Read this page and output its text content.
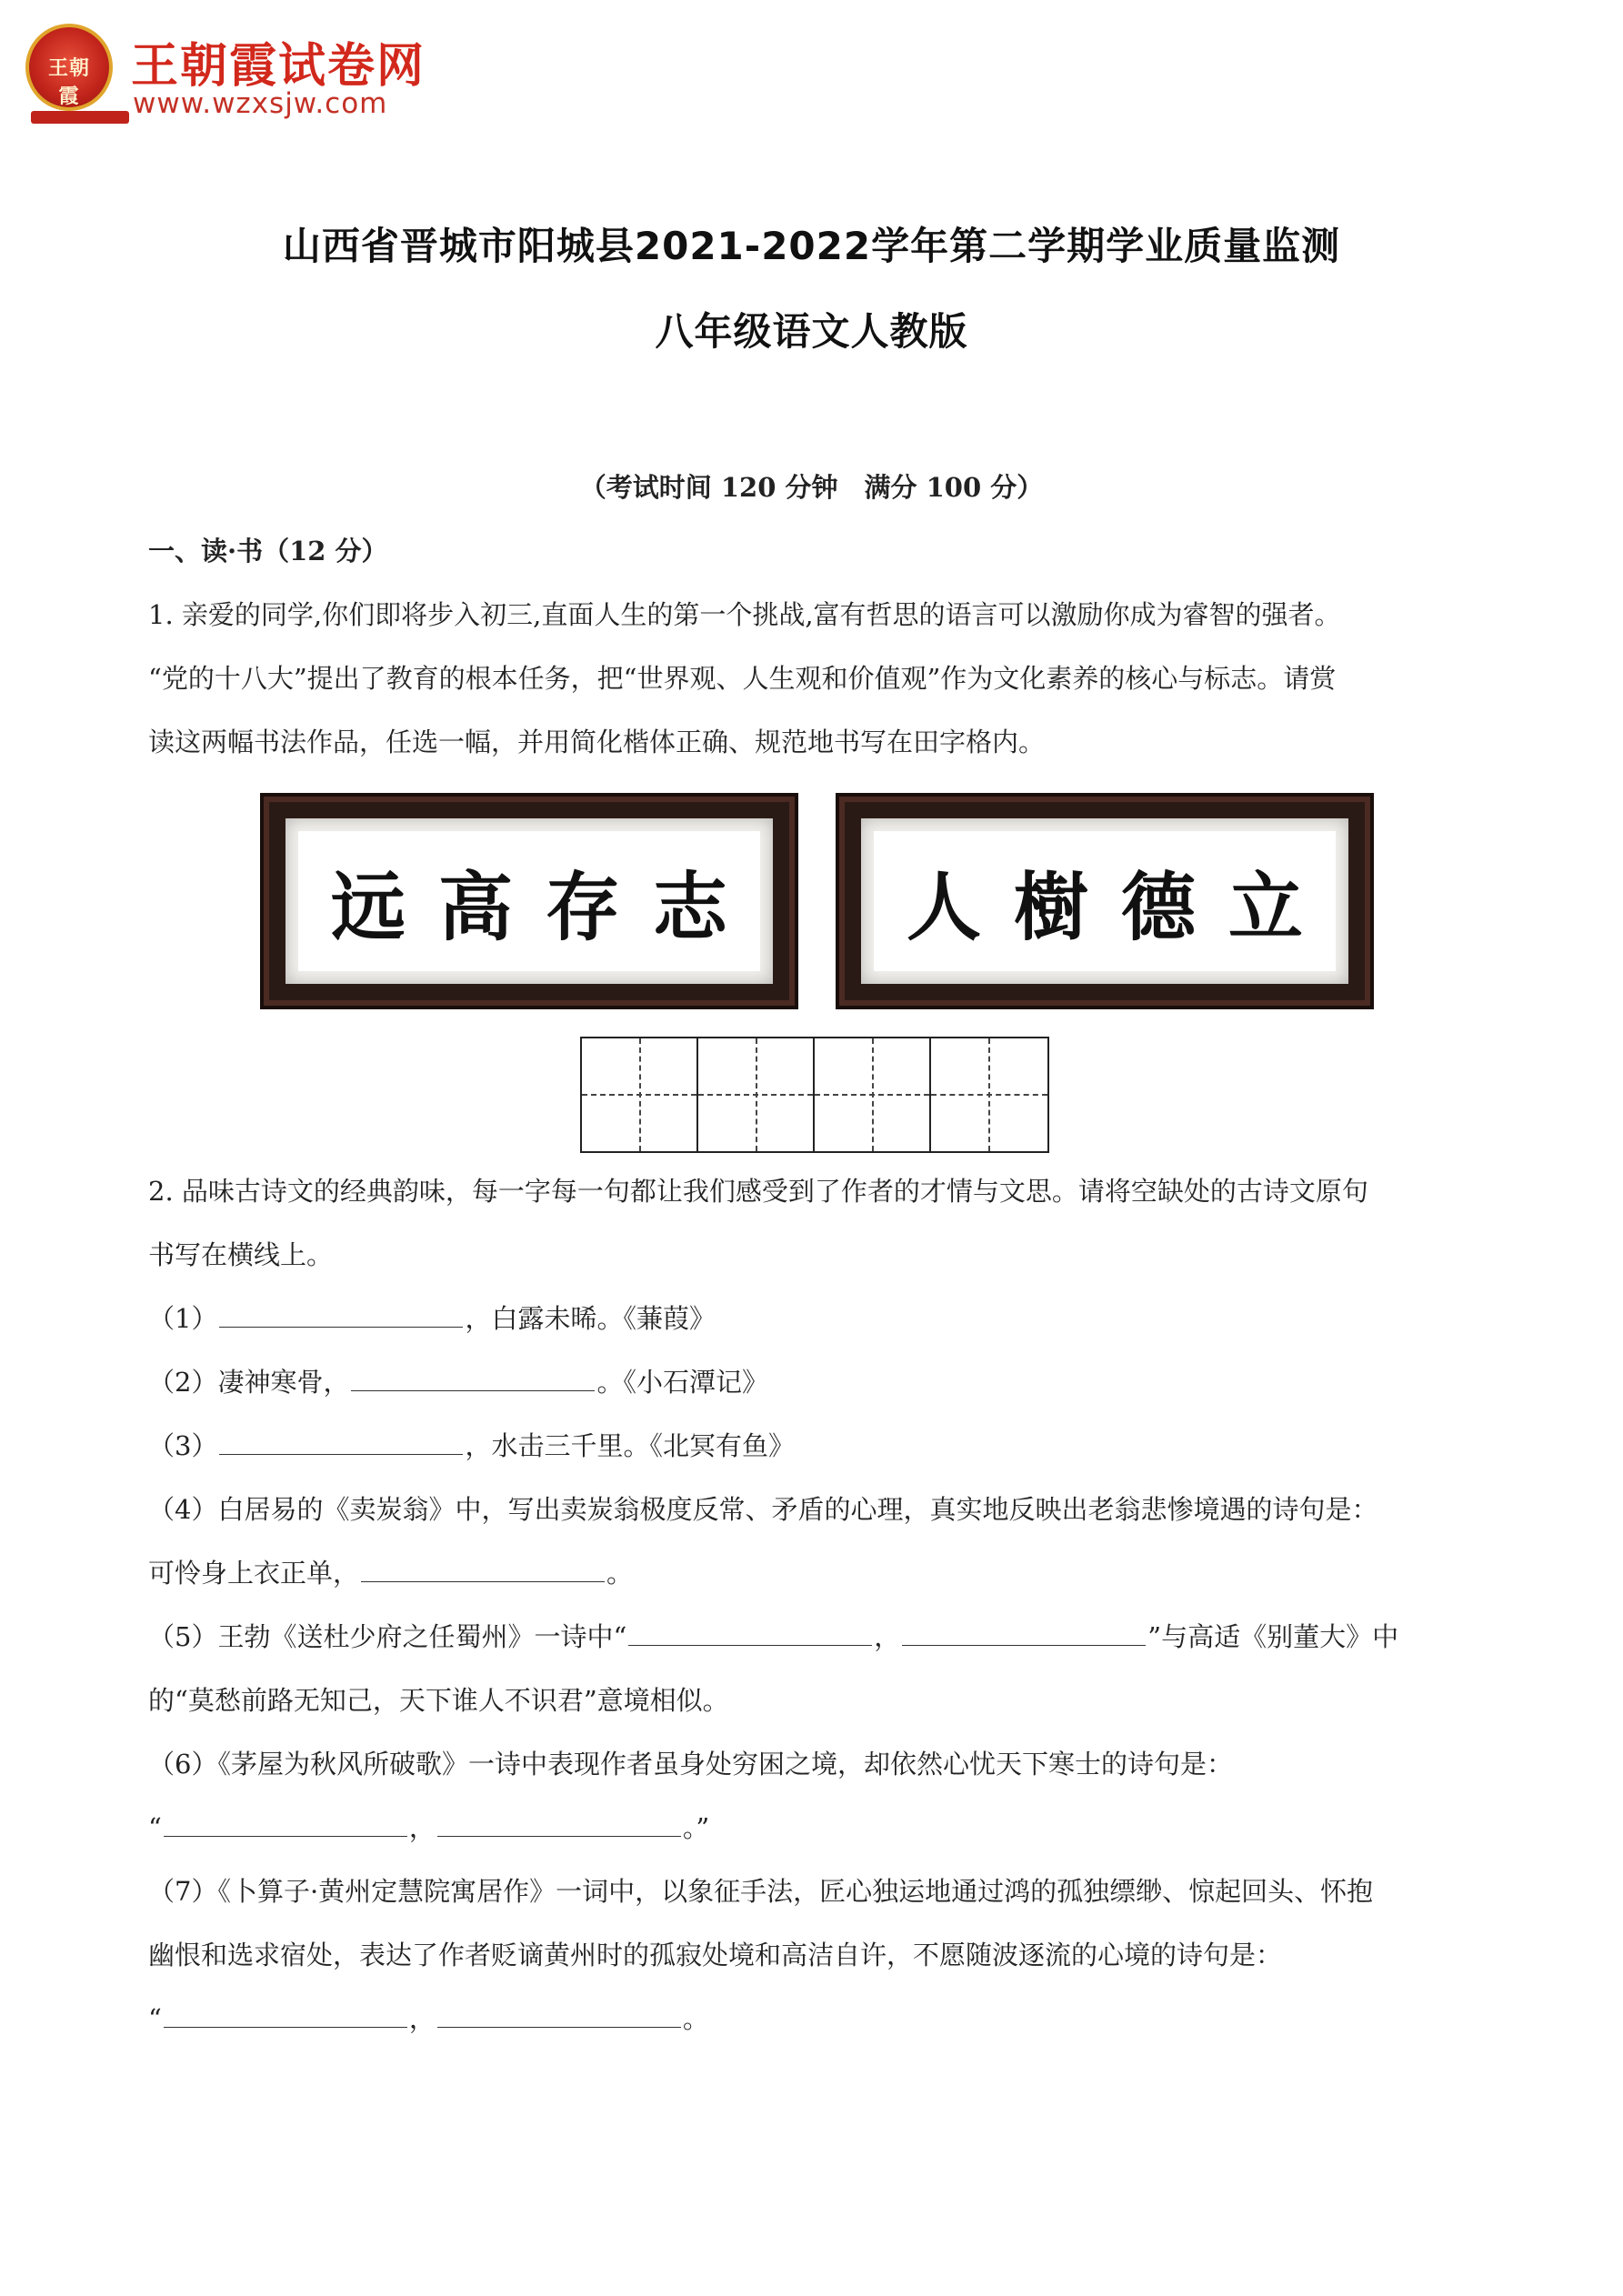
王朝霞
王朝霞试卷网
www.wzxsjw.com
山西省晋城市阳城县2021-2022学年第二学期学业质量监测
八年级语文人教版
（考试时间 120 分钟　满分 100 分）
一、读·书（12 分）
1. 亲爱的同学,你们即将步入初三,直面人生的第一个挑战,富有哲思的语言可以激励你成为睿智的强者。
“党的十八大”提出了教育的根本任务，把“世界观、人生观和价值观”作为文化素养的核心与标志。请赏
读这两幅书法作品，任选一幅，并用简化楷体正确、规范地书写在田字格内。
远 高 存 志 人 樹 德 立
2. 品味古诗文的经典韵味，每一字每一句都让我们感受到了作者的才情与文思。请将空缺处的古诗文原句
书写在横线上。
（1）	，白露未晞。《蒹葭》
（2）凄神寒骨，	。《小石潭记》
（3）	，水击三千里。《北冥有鱼》
（4）白居易的《卖炭翁》中，写出卖炭翁极度反常、矛盾的心理，真实地反映出老翁悲惨境遇的诗句是：
可怜身上衣正单，	。
（5）王勃《送杜少府之任蜀州》一诗中“	，	”与高适《别董大》中
的“莫愁前路无知己，天下谁人不识君”意境相似。
（6）《茅屋为秋风所破歌》一诗中表现作者虽身处穷困之境，却依然心忧天下寒士的诗句是：
“	，	。”
（7）《卜算子·黄州定慧院寓居作》一词中，以象征手法，匠心独运地通过鸿的孤独缥缈、惊起回头、怀抱
幽恨和选求宿处，表达了作者贬谪黄州时的孤寂处境和高洁自许，不愿随波逐流的心境的诗句是：
“	，	。
